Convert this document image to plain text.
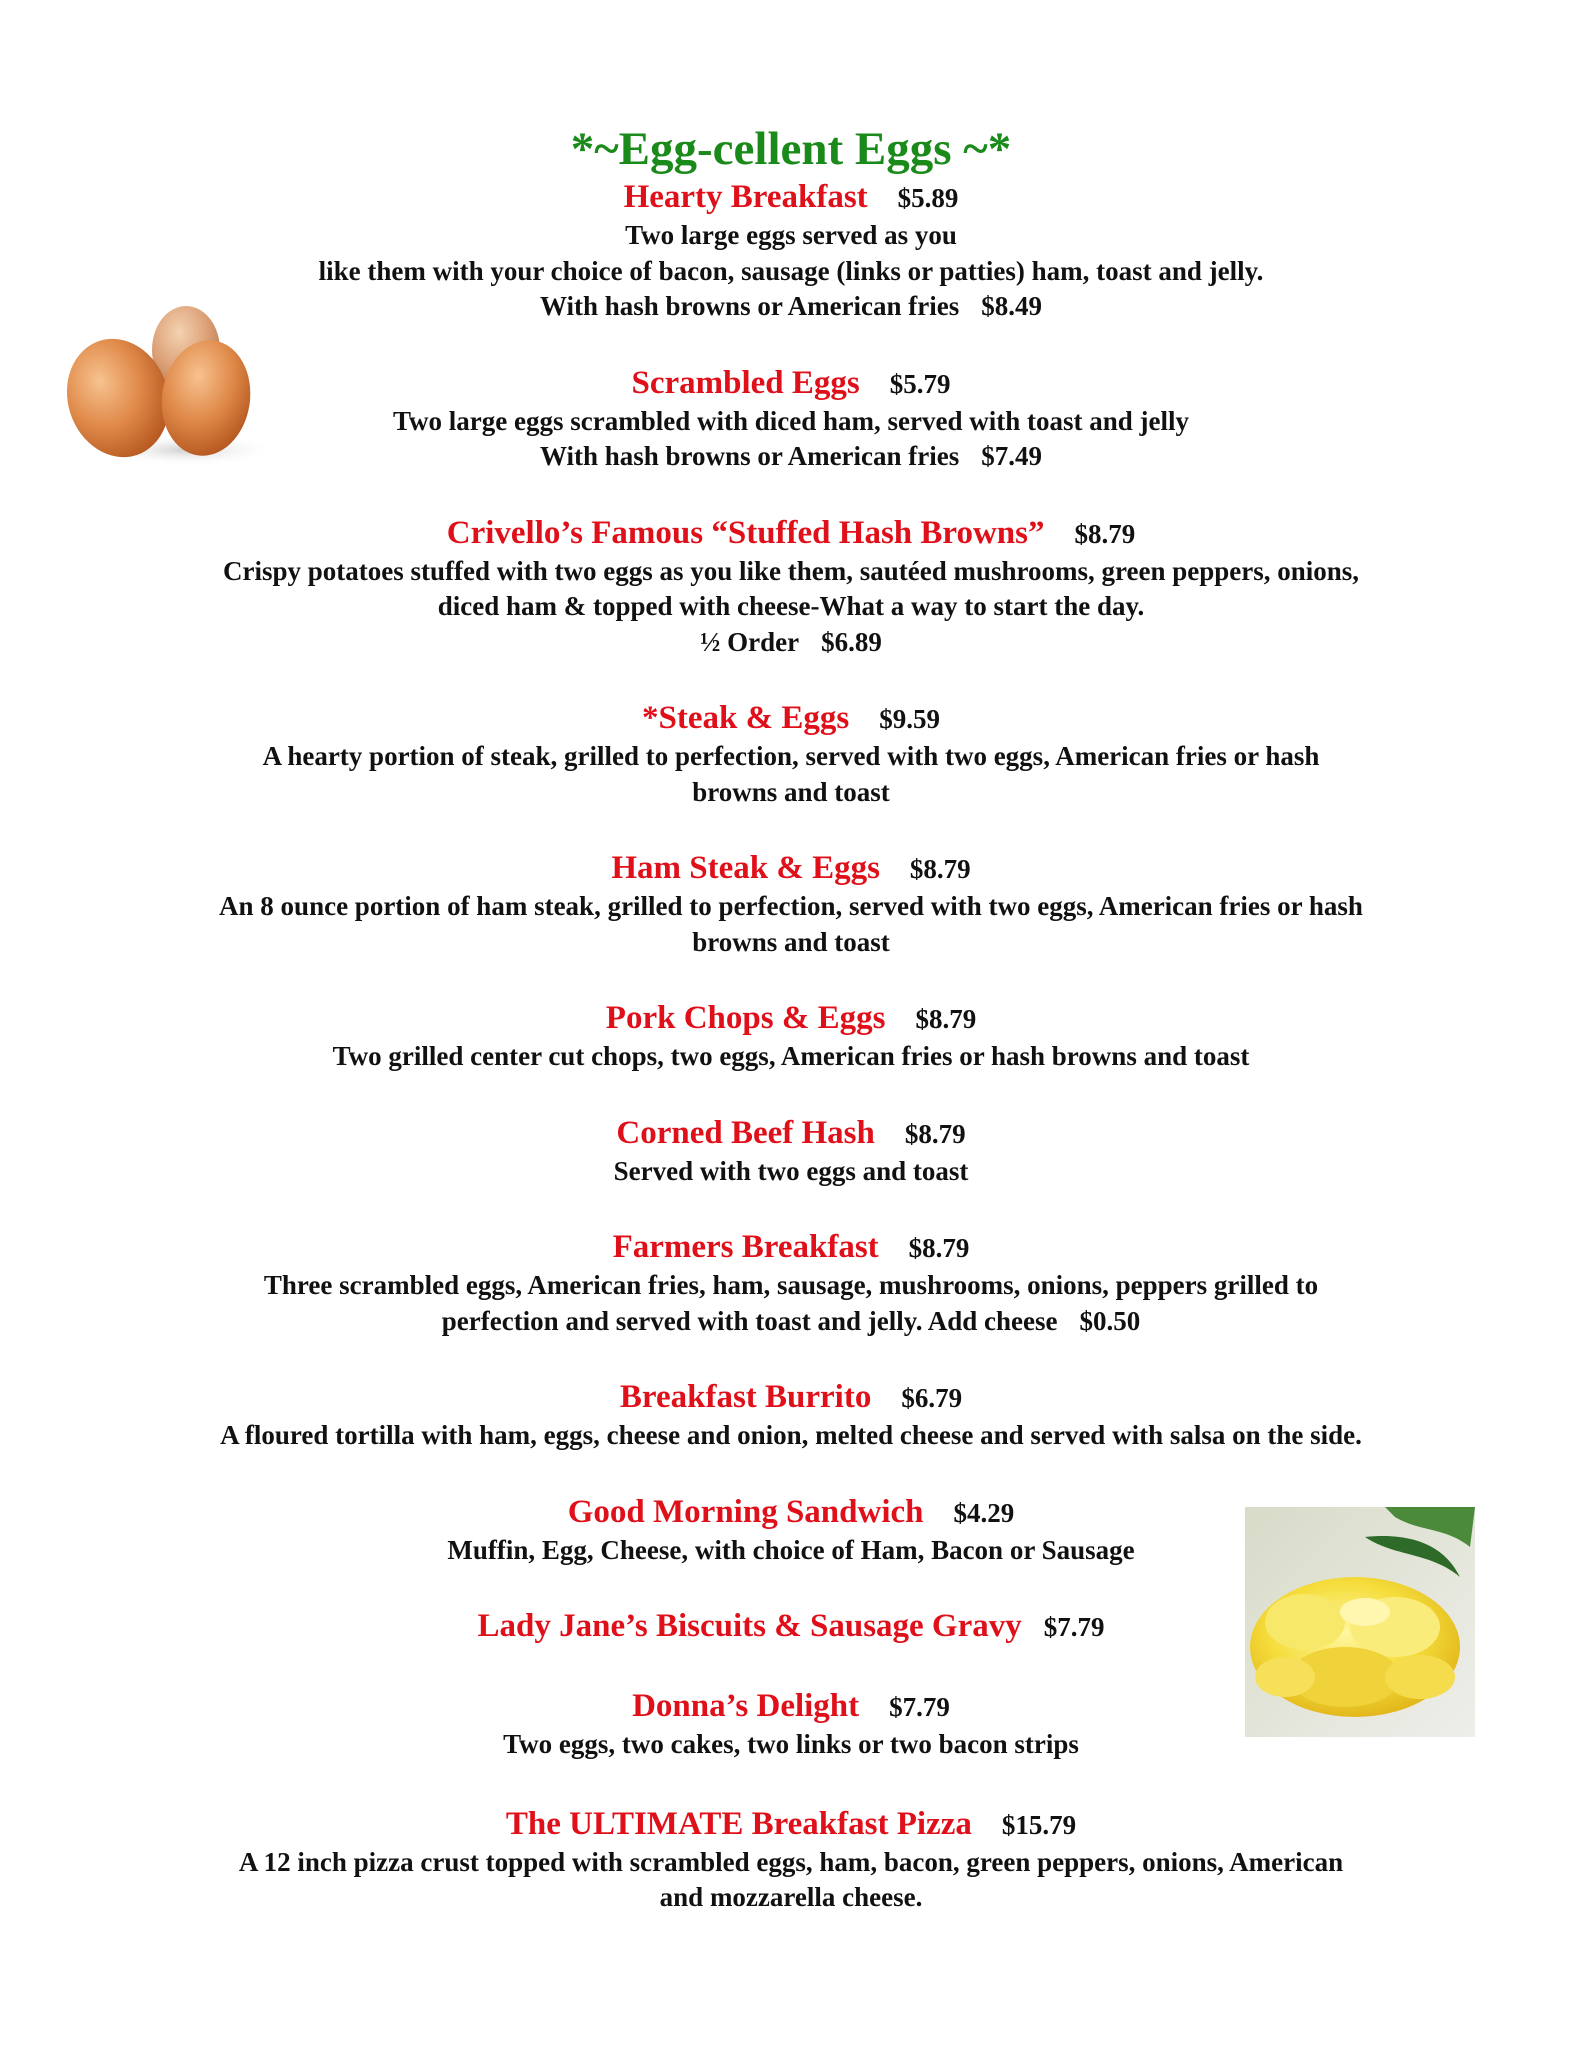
*~Egg-cellent Eggs ~*
Hearty Breakfast $5.89
Two large eggs served as you
like them with your choice of bacon, sausage (links or patties) ham, toast and jelly.
With hash browns or American fries $8.49
Scrambled Eggs $5.79
Two large eggs scrambled with diced ham, served with toast and jelly
With hash browns or American fries $7.49
Crivello’s Famous “Stuffed Hash Browns” $8.79
Crispy potatoes stuffed with two eggs as you like them, sautéed mushrooms, green peppers, onions,
diced ham & topped with cheese-What a way to start the day.
½ Order $6.89
*Steak & Eggs $9.59
A hearty portion of steak, grilled to perfection, served with two eggs, American fries or hash
browns and toast
Ham Steak & Eggs $8.79
An 8 ounce portion of ham steak, grilled to perfection, served with two eggs, American fries or hash
browns and toast
Pork Chops & Eggs $8.79
Two grilled center cut chops, two eggs, American fries or hash browns and toast
Corned Beef Hash $8.79
Served with two eggs and toast
Farmers Breakfast $8.79
Three scrambled eggs, American fries, ham, sausage, mushrooms, onions, peppers grilled to
perfection and served with toast and jelly. Add cheese $0.50
Breakfast Burrito $6.79
A floured tortilla with ham, eggs, cheese and onion, melted cheese and served with salsa on the side.
Good Morning Sandwich $4.29
Muffin, Egg, Cheese, with choice of Ham, Bacon or Sausage
Lady Jane’s Biscuits & Sausage Gravy $7.79
Donna’s Delight $7.79
Two eggs, two cakes, two links or two bacon strips
The ULTIMATE Breakfast Pizza $15.79
A 12 inch pizza crust topped with scrambled eggs, ham, bacon, green peppers, onions, American
and mozzarella cheese.
